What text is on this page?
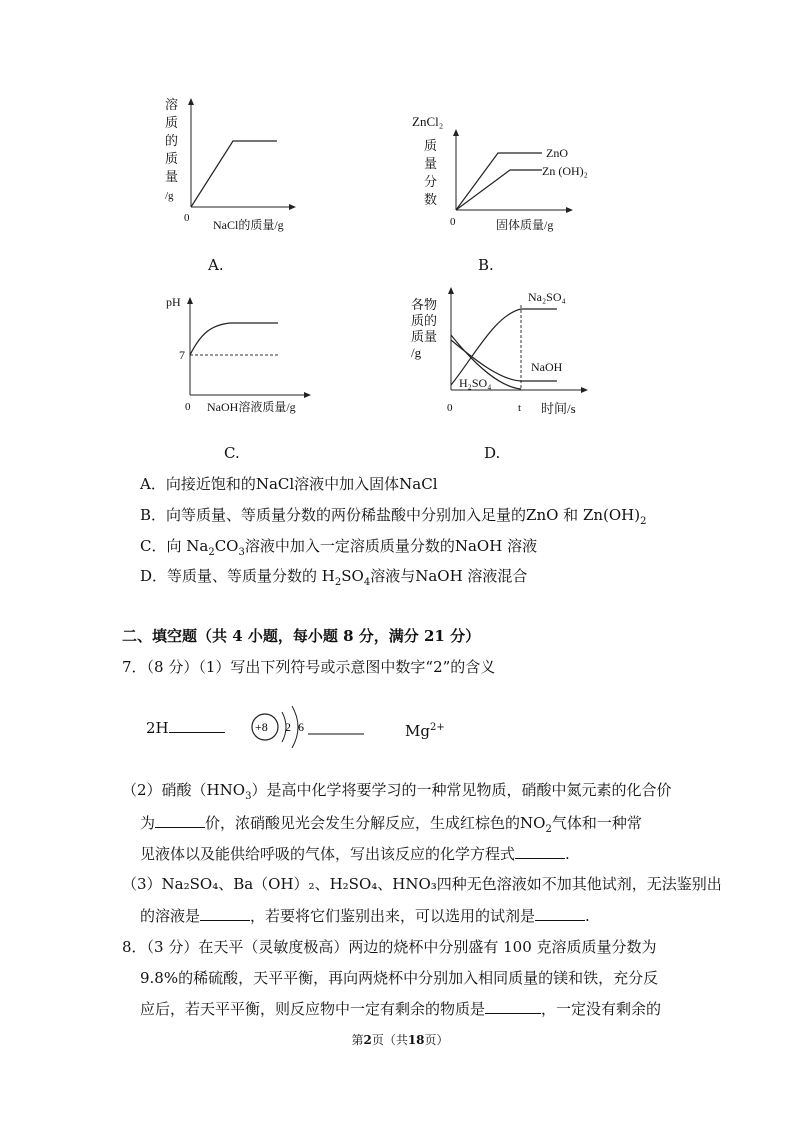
溶
质
的
质
量
/g
0 NaCl的质量/g
A.
ZnCl₂
质
量
分
数
ZnO
Zn (OH)₂
0	固体质量/g
B.
pH
7
0 NaOH溶液质量/g
C.
各物
质的
质量
/g
Na₂SO₄
NaOH
H₂SO₄
0	t 时间/s
D.
A．向接近饱和的NaCl溶液中加入固体NaCl
B．向等质量、等质量分数的两份稀盐酸中分别加入足量的ZnO 和 $Zn(OH)_2$
C．向 $Na_2CO_3$溶液中加入一定溶质质量分数的NaOH 溶液
D．等质量、等质量分数的 $H_2SO_4$溶液与NaOH 溶液混合
二、填空题（共 4 小题，每小题 8 分，满分 21 分）
7．（8 分）（1）写出下列符号或示意图中数字“2”的含义
2H	+8 2 6	$Mg^{2+}$
（2）硝酸$(HNO_3)$是高中化学将要学习的一种常见物质，硝酸中氮元素的化合价
为	价，浓硝酸见光会发生分解反应，生成红棕色的$NO_2$气体和一种常
见液体以及能供给呼吸的气体，写出该反应的化学方程式	.
（3）Na₂SO₄、Ba（OH）₂、H₂SO₄、HNO₃四种无色溶液如不加其他试剂，无法鉴别出
的溶液是	，若要将它们鉴别出来，可以选用的试剂是	.
8．（3 分）在天平（灵敏度极高）两边的烧杯中分别盛有 100 克溶质质量分数为
9.8%的稀硫酸，天平平衡，再向两烧杯中分别加入相同质量的镁和铁，充分反
应后，若天平平衡，则反应物中一定有剩余的物质是	，一定没有剩余的
第2页（共18页）
